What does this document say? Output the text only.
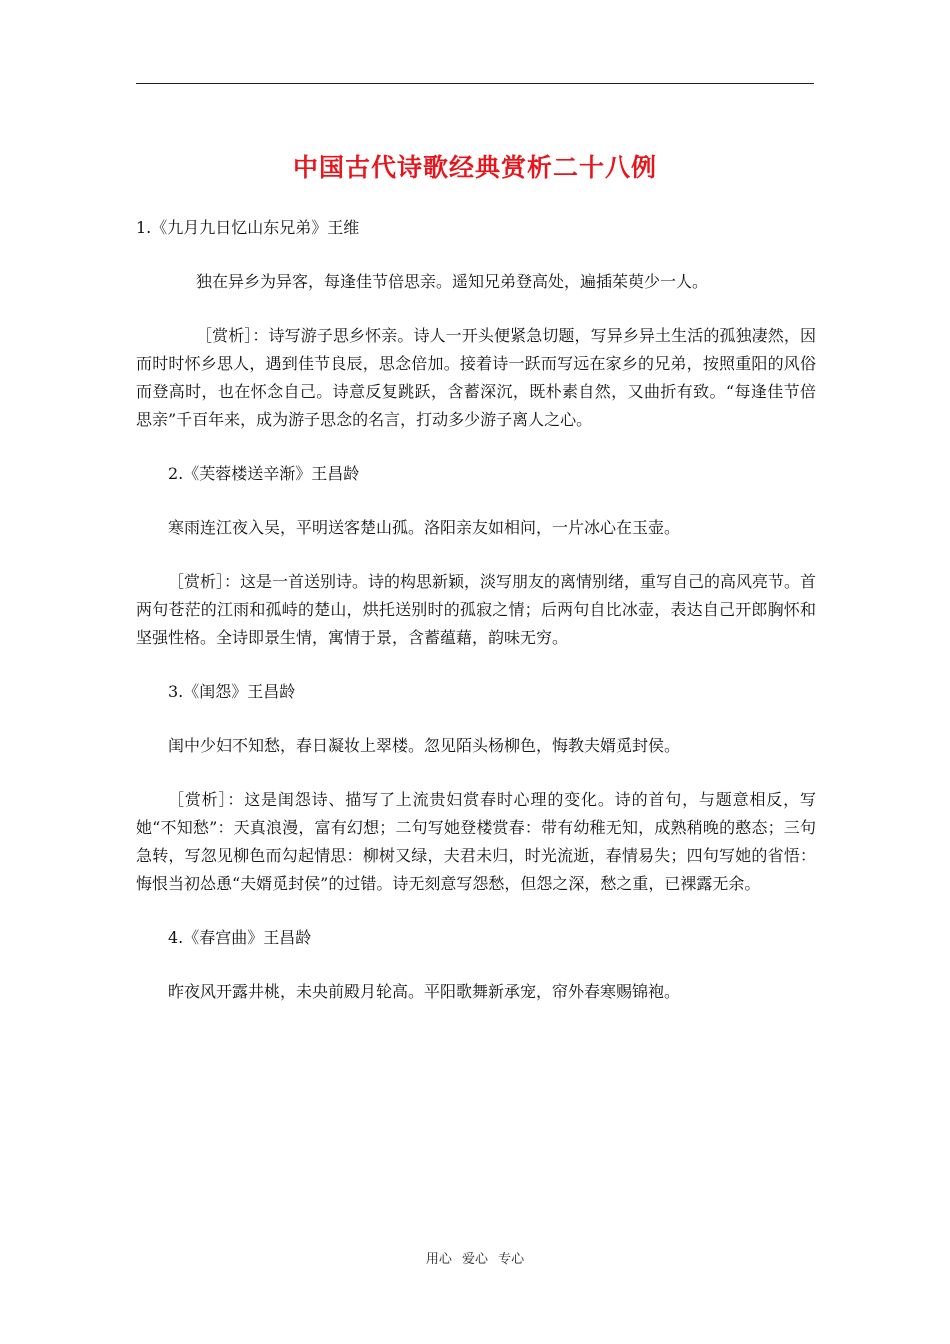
中国古代诗歌经典赏析二十八例
1.《九月九日忆山东兄弟》王维
独在异乡为异客，每逢佳节倍思亲。遥知兄弟登高处，遍插茱萸少一人。
［赏析］：诗写游子思乡怀亲。诗人一开头便紧急切题，写异乡异土生活的孤独凄然，因而时时怀乡思人，遇到佳节良辰，思念倍加。接着诗一跃而写远在家乡的兄弟，按照重阳的风俗而登高时，也在怀念自己。诗意反复跳跃，含蓄深沉，既朴素自然，又曲折有致。“每逢佳节倍思亲”千百年来，成为游子思念的名言，打动多少游子离人之心。
2.《芙蓉楼送辛渐》王昌龄
寒雨连江夜入吴，平明送客楚山孤。洛阳亲友如相问，一片冰心在玉壶。
［赏析］：这是一首送别诗。诗的构思新颖，淡写朋友的离情别绪，重写自己的高风亮节。首两句苍茫的江雨和孤峙的楚山，烘托送别时的孤寂之情；后两句自比冰壶，表达自己开郎胸怀和坚强性格。全诗即景生情，寓情于景，含蓄蕴藉，韵味无穷。
3.《闺怨》王昌龄
闺中少妇不知愁，春日凝妆上翠楼。忽见陌头杨柳色，悔教夫婿觅封侯。
［赏析］：这是闺怨诗、描写了上流贵妇赏春时心理的变化。诗的首句，与题意相反，写她“不知愁”：天真浪漫，富有幻想；二句写她登楼赏春：带有幼稚无知，成熟稍晚的憨态；三句急转，写忽见柳色而勾起情思：柳树又绿，夫君未归，时光流逝，春情易失；四句写她的省悟：悔恨当初怂恿“夫婿觅封侯”的过错。诗无刻意写怨愁，但怨之深，愁之重，已裸露无余。
4.《春宫曲》王昌龄
昨夜风开露井桃，未央前殿月轮高。平阳歌舞新承宠，帘外春寒赐锦袍。
用心 爱心 专心
